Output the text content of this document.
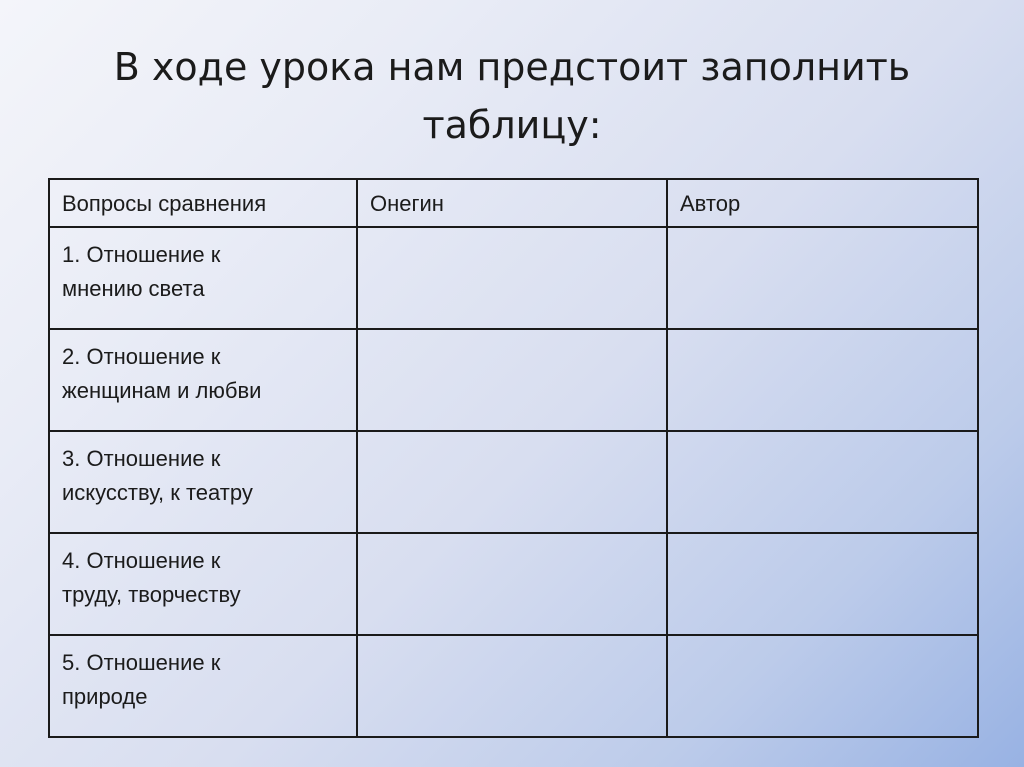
В ходе урока нам предстоит заполнить
таблицу:
Вопросы сравнения	Онегин	Автор
1. Отношение к
мнению света		
2. Отношение к
женщинам и любви		
3. Отношение к
искусству, к театру		
4. Отношение к
труду, творчеству		
5. Отношение к
природе		
